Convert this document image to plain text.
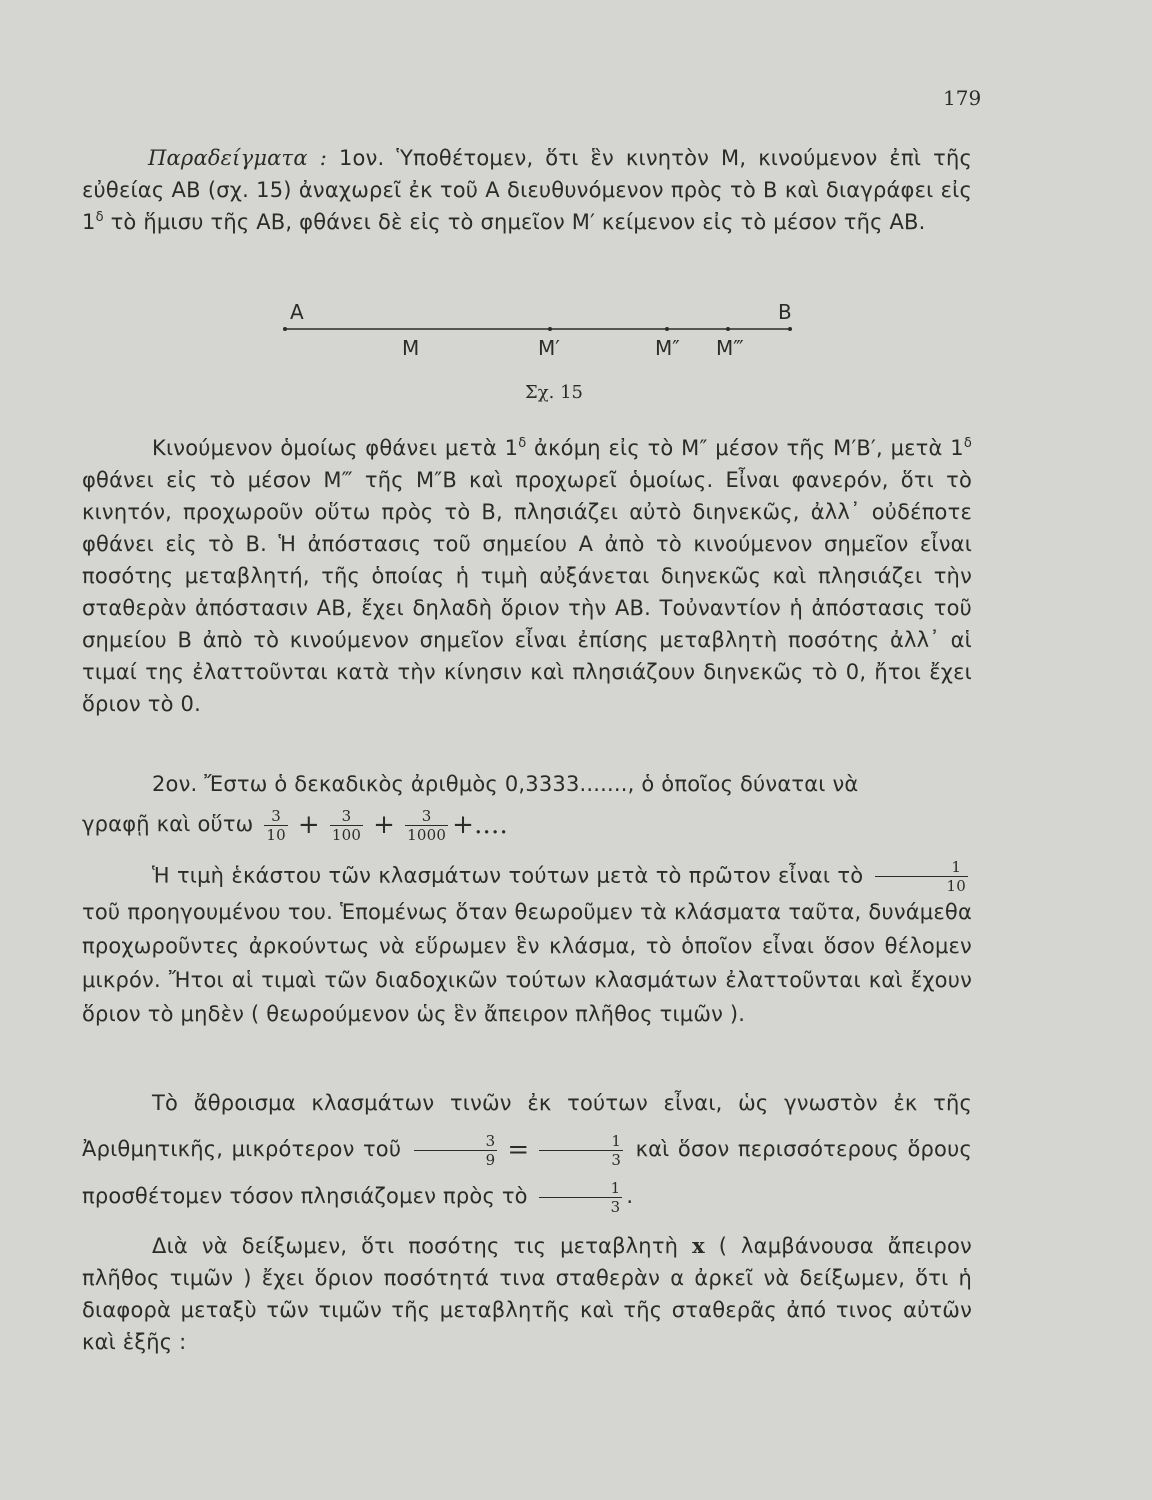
179
Παραδείγματα : 1ον. Ὑποθέτομεν, ὅτι ἓν κινητὸν Μ, κινούμενον ἐπὶ τῆς εὐθείας ΑΒ (σχ. 15) ἀναχωρεῖ ἐκ τοῦ Α διευθυνόμενον πρὸς τὸ Β καὶ διαγράφει εἰς $1^\delta$ τὸ ἥμισυ τῆς ΑΒ, φθάνει δὲ εἰς τὸ σημεῖον Μ′ κείμενον εἰς τὸ μέσον τῆς ΑΒ.
A	B
M	M′	M″ M‴
Σχ. 15
Κινούμενον ὁμοίως φθάνει μετὰ $1^\delta$ ἀκόμη εἰς τὸ Μ″ μέσον τῆς Μ′Β′, μετὰ $1^\delta$ φθάνει εἰς τὸ μέσον Μ‴ τῆς Μ″Β καὶ προχωρεῖ ὁμοίως. Εἶναι φανερόν, ὅτι τὸ κινητόν, προχωροῦν οὕτω πρὸς τὸ Β, πλησιάζει αὐτὸ διηνεκῶς, ἀλλ᾽ οὐδέποτε φθάνει εἰς τὸ Β. Ἡ ἀπόστασις τοῦ σημείου Α ἀπὸ τὸ κινούμενον σημεῖον εἶναι ποσότης μεταβλητή, τῆς ὁποίας ἡ τιμὴ αὐξάνεται διηνεκῶς καὶ πλησιάζει τὴν σταθερὰν ἀπόστασιν ΑΒ, ἔχει δηλαδὴ ὅριον τὴν ΑΒ. Τοὐναντίον ἡ ἀπόστασις τοῦ σημείου Β ἀπὸ τὸ κινούμενον σημεῖον εἶναι ἐπίσης μεταβλητὴ ποσότης ἀλλ᾽ αἱ τιμαί της ἐλαττοῦνται κατὰ τὴν κίνησιν καὶ πλησιάζουν διηνεκῶς τὸ 0, ἤτοι ἔχει ὅριον τὸ 0.
2ον. Ἔστω ὁ δεκαδικὸς ἀριθμὸς 0,3333......., ὁ ὁποῖος δύναται νὰ
γραφῇ καὶ οὕτω $\frac{3}{10} + \frac{3}{100} + \frac{3}{1000}$ +....
Ἡ τιμὴ ἑκάστου τῶν κλασμάτων τούτων μετὰ τὸ πρῶτον εἶναι τὸ $\frac{1}{10}$
τοῦ προηγουμένου του. Ἑπομένως ὅταν θεωροῦμεν τὰ κλάσματα ταῦτα, δυνάμεθα προχωροῦντες ἀρκούντως νὰ εὕρωμεν ἓν κλάσμα, τὸ ὁποῖον εἶναι ὅσον θέλομεν μικρόν. Ἤτοι αἱ τιμαὶ τῶν διαδοχικῶν τούτων κλασμάτων ἐλαττοῦνται καὶ ἔχουν ὅριον τὸ μηδὲν ( θεωρούμενον ὡς ἓν ἄπειρον πλῆθος τιμῶν ).
Τὸ ἄθροισμα κλασμάτων τινῶν ἐκ τούτων εἶναι, ὡς γνωστὸν ἐκ τῆς Ἀριθμητικῆς, μικρότερον τοῦ $\frac{3}{9} = \frac{1}{3}$ καὶ ὅσον περισσότερους ὅρους προσθέτομεν τόσον πλησιάζομεν πρὸς τὸ $\frac{1}{3}$ .
Διὰ νὰ δείξωμεν, ὅτι ποσότης τις μεταβλητὴ x ( λαμβάνουσα ἄπειρον πλῆθος τιμῶν ) ἔχει ὅριον ποσότητά τινα σταθερὰν α ἀρκεῖ νὰ δείξωμεν, ὅτι ἡ διαφορὰ μεταξὺ τῶν τιμῶν τῆς μεταβλητῆς καὶ τῆς σταθερᾶς ἀπό τινος αὐτῶν καὶ ἑξῆς :
